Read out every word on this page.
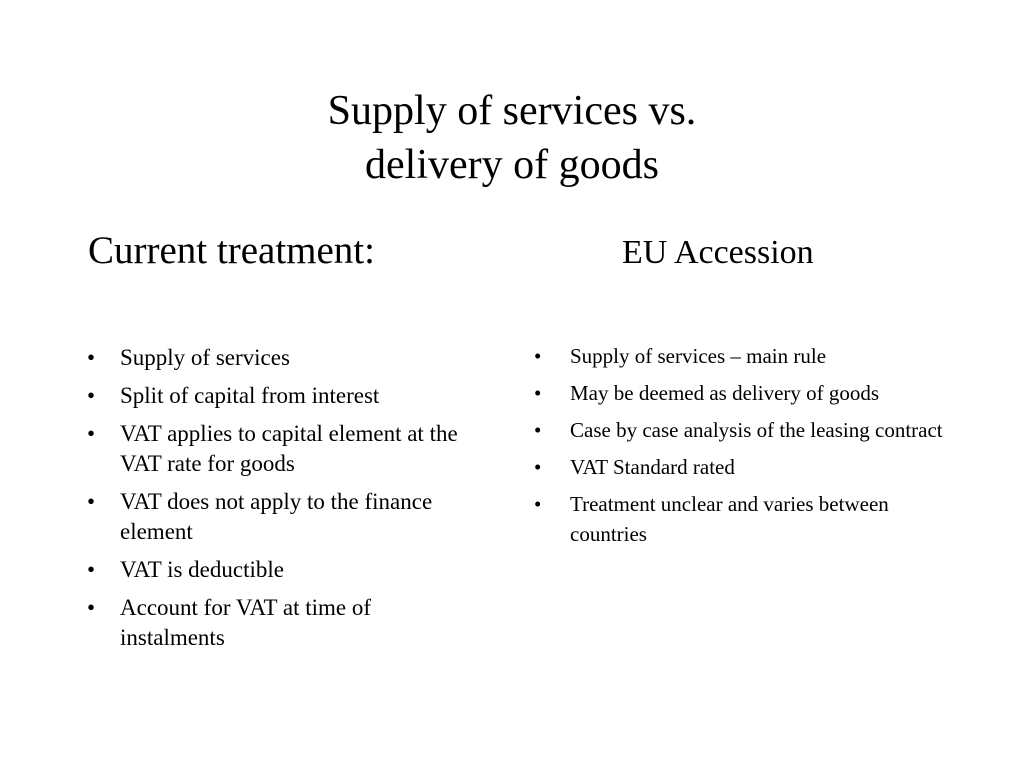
Supply of services vs.
delivery of goods
Current treatment:	EU Accession
• Supply of services
• Split of capital from interest
• VAT applies to capital element at the VAT rate for goods
• VAT does not apply to the finance element
• VAT is deductible
• Account for VAT at time of instalments
• Supply of services – main rule
• May be deemed as delivery of goods
• Case by case analysis of the leasing contract
• VAT Standard rated
• Treatment unclear and varies between countries
